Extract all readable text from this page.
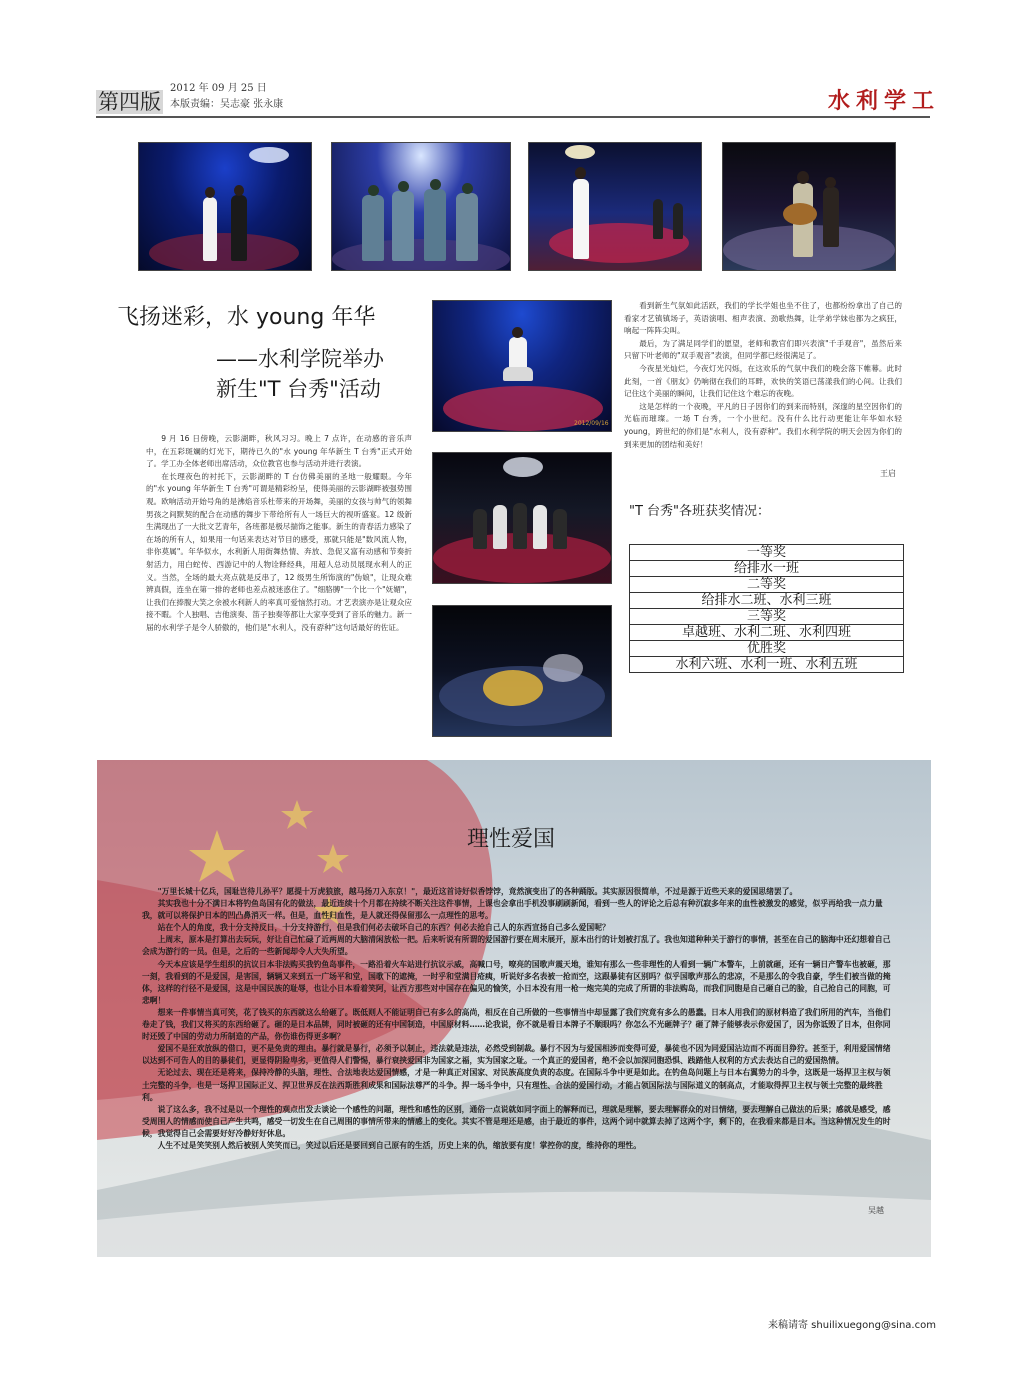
2012 年 09 月 25 日
第四版 本版责编：吴志豪 张永康	水利学工
飞扬迷彩，水 young 年华
——水利学院举办
新生"T 台秀"活动
2012/09/16

9 月 16 日傍晚，云影湖畔，秋风习习。晚上 7 点许，在动感的音乐声中，在五彩斑斓的灯光下，期待已久的"水 young 年华新生 T 台秀"正式开始了。学工办全体老师出席活动，众位教官也参与活动并进行表演。

在长理夜色的衬托下，云影湖畔的 T 台仿佛美丽的圣地一般耀眼。今年的"水 young 年华新生 T 台秀"可谓是精彩纷呈，使得美丽的云影湖畔被强势围观。欧响活动开始号角的是沸焰音乐杜带来的开场舞，美丽的女孩与帅气的领舞男孩之间默契的配合在动感的舞步下带给所有人一场巨大的视听盛宴。12 级新生满现出了一大批文艺青年，各班都是极尽揣饰之能事。新生的青春活力感染了在场的所有人，如果用一句话来表达对节目的感受，那就只能是"数风流人物，非你莫属"。年华似水，水利新人用街舞热情、奔放、急促又富有动感和节奏折射活力，用白蛇传、西游记中的人物诠释经典，用超人总动员展现水利人的正义。当然，全场的最大亮点就是反串了，12 级男生所饰演的"伪娘"，让现众难辨真假，连坐在第一排的老师也差点被迷惑住了。"细胳膊"一个比一个"妩媚"，让我们在捧腹大笑之余被水利新人的率真可爱恼然打动。才艺表演亦是让观众应接不暇。个人独唱、吉他演奏、笛子独奏等都让大家享受到了音乐的魅力。新一届的水利学子是令人骄傲的，他们是"水利人，没有孬种"这句话最好的佐证。

看到新生气氛如此活跃，我们的学长学姐也坐不住了，也都纷纷拿出了自己的看家才艺镇镇场子，英语演唱、相声表演、劲歌热舞，让学弟学妹也都为之疯狂，响起一阵阵尖叫。

最后，为了满足同学们的愿望，老师和教官们即兴表演"千手观音"，虽然后来只留下叶老师的"双手观音"表演，但同学都已经很满足了。

今夜星光灿烂，今夜灯光闪烁，在这欢乐的气氛中我们的晚会落下帷幕。此时此刻，一首《朋友》仍响彻在我们的耳畔，欢快的笑语已荡漾我们的心间。让我们记住这个美丽的瞬间，让我们记住这个难忘的夜晚。

这是怎样的一个夜晚，平凡的日子因你们的到来而特别，深邃的星空因你们的光临而璀璨。一场 T 台秀，一个小世纪。没有什么比行动更能让年华如水轻 young，跨世纪的你们是"水利人，没有孬种"。我们水利学院的明天会因为你们的到来更加的团结和美好！

王启
"T 台秀"各班获奖情况：
一等奖
给排水一班
二等奖
给排水二班、水利三班
三等奖
卓越班、水利二班、水利四班
优胜奖
水利六班、水利一班、水利五班
理性爱国

"万里长城十亿兵，国耻岂待儿孙平？愿提十万虎狼旅，越马扬刀入东京！"，最近这首诗好似香饽饽，竟然演变出了的各种踊版。其实原因很简单，不过是源于近些天来的爱国思绪罢了。

其实我也十分不满日本将钓鱼岛国有化的做法，最近连续十个月都在持续不断关注这件事情，上课也会拿出手机没事刷刷新闻，看到一些人的评论之后总有种沉寂多年来的血性被激发的感觉，似乎再给我一点力量我，就可以将保护日本的凹凸鼻消灭一样。但是，血性归血性，是人就还得保留那么一点理性的思考。

站在个人的角度，我十分支持反日，十分支持游行，但是我们何必去破坏自己的东西？何必去抢自己人的东西宣扬自己多么爱国呢？

上周末，原本是打算出去玩玩，好让自己忙碌了近两周的大脑清闲放松一把。后来听说有所谓的爱国游行要在周末展开，原本出行的计划被打乱了。我也知道种种关于游行的事情，甚至在自己的脑海中还幻想着自己会成为游行的一员。但是，之后的一些新闻却令人大失所望。

今天本应该是学生组织的抗议日本非法购买我钓鱼岛事件，一路沿着火车站进行抗议示威，高喊口号，嘹亮的国歌声震天地，谁知有那么一些非理性的人看到一辆广本警车，上前就砸，还有一辆日产警车也被砸，那一刻，我看到的不是爱国，是害国，辆辆又来到五一广场平和堂，国歌下的遮掩，一时乎和堂满目疮痍，听说好多名表被一抢而空，这跟暴徒有区别吗？似乎国歌声那么的悲凉，不是那么的令我自豪，学生们被当做的掩体，这样的行径不是爱国，这是中国民族的耻辱，也让小日本看着笑阿，让西方那些对中国存在偏见的愉笑，小日本没有用一枪一炮完美的完成了所谓的非法购岛，而我们同胞是自己砸自己的脸，自己抢自己的同胞，可悲啊！

想来一件事情当真可笑，花了钱买的东西就这么给砸了。既低则人不能证明自己有多么的高尚，相反在自己所做的一些事情当中却显露了我们究竟有多么的愚蠢。日本人用我们的原材料造了我们所用的汽车，当他们卷走了钱，我们又将买的东西给砸了。砸的是日本品牌，同时被砸的还有中国制造，中国原材料……论我说，你不就是看日本牌子不顺眼吗？你怎么不光砸牌子？砸了牌子能够表示你爱国了，因为你诋毁了日本，但你同时还毁了中国的劳动力所制造的产品，你伤谁伤得更多啊？

爱国不是狂欢放纵的借口，更不是免责的理由。暴行就是暴行，必须予以制止，违法就是违法，必然受到制裁。暴行不因为与爱国相涉而变得可爱，暴徒也不因为同爱国沾边而不再面目狰狞。甚至于，利用爱国情绪以达到不可告人的目的暴徒们，更显得阴险卑劣，更值得人们警惕，暴行衰挟爱国非为国家之福，实为国家之耻。一个真正的爱国者，绝不会以加深同胞恐惧、践踏他人权利的方式去表达自己的爱国热情。

无论过去、现在还是将来，保持冷静的头脑，理性、合法地表达爱国情感，才是一种真正对国家、对民族高度负责的态度。在国际斗争中更是如此。在钓鱼岛问题上与日本右翼势力的斗争，这既是一场捍卫主权与领土完整的斗争，也是一场捍卫国际正义、捍卫世界反在法西斯胜利成果和国际法尊严的斗争。捍一场斗争中，只有理性、合法的爱国行动，才能占领国际法与国际道义的制高点，才能取得捍卫主权与领土完整的最终胜利。

说了这么多，我不过是以一个理性的观点出发去谈论一个感性的问题，理性和感性的区别，通俗一点说就如同字面上的解释而已，理就是理解，要去理解群众的对日情绪，要去理解自己做法的后果；感就是感受，感受周围人的情感而使自己产生共鸣，感受一切发生在自己周围的事情所带来的情感上的变化。其实不管是理还是感，由于最近的事件，这两个词中就算去掉了这两个字，剩下的，在我看来都是日本。当这种情况发生的时候，我觉得自己会需要好好冷静好好休息。

人生不过是笑笑别人然后被别人笑笑而已，笑过以后还是要回到自己原有的生活，历史上来的仇，缩放要有度！掌控你的度，维持你的理性。

吴越
来稿请寄 shuilixuegong@sina.com
